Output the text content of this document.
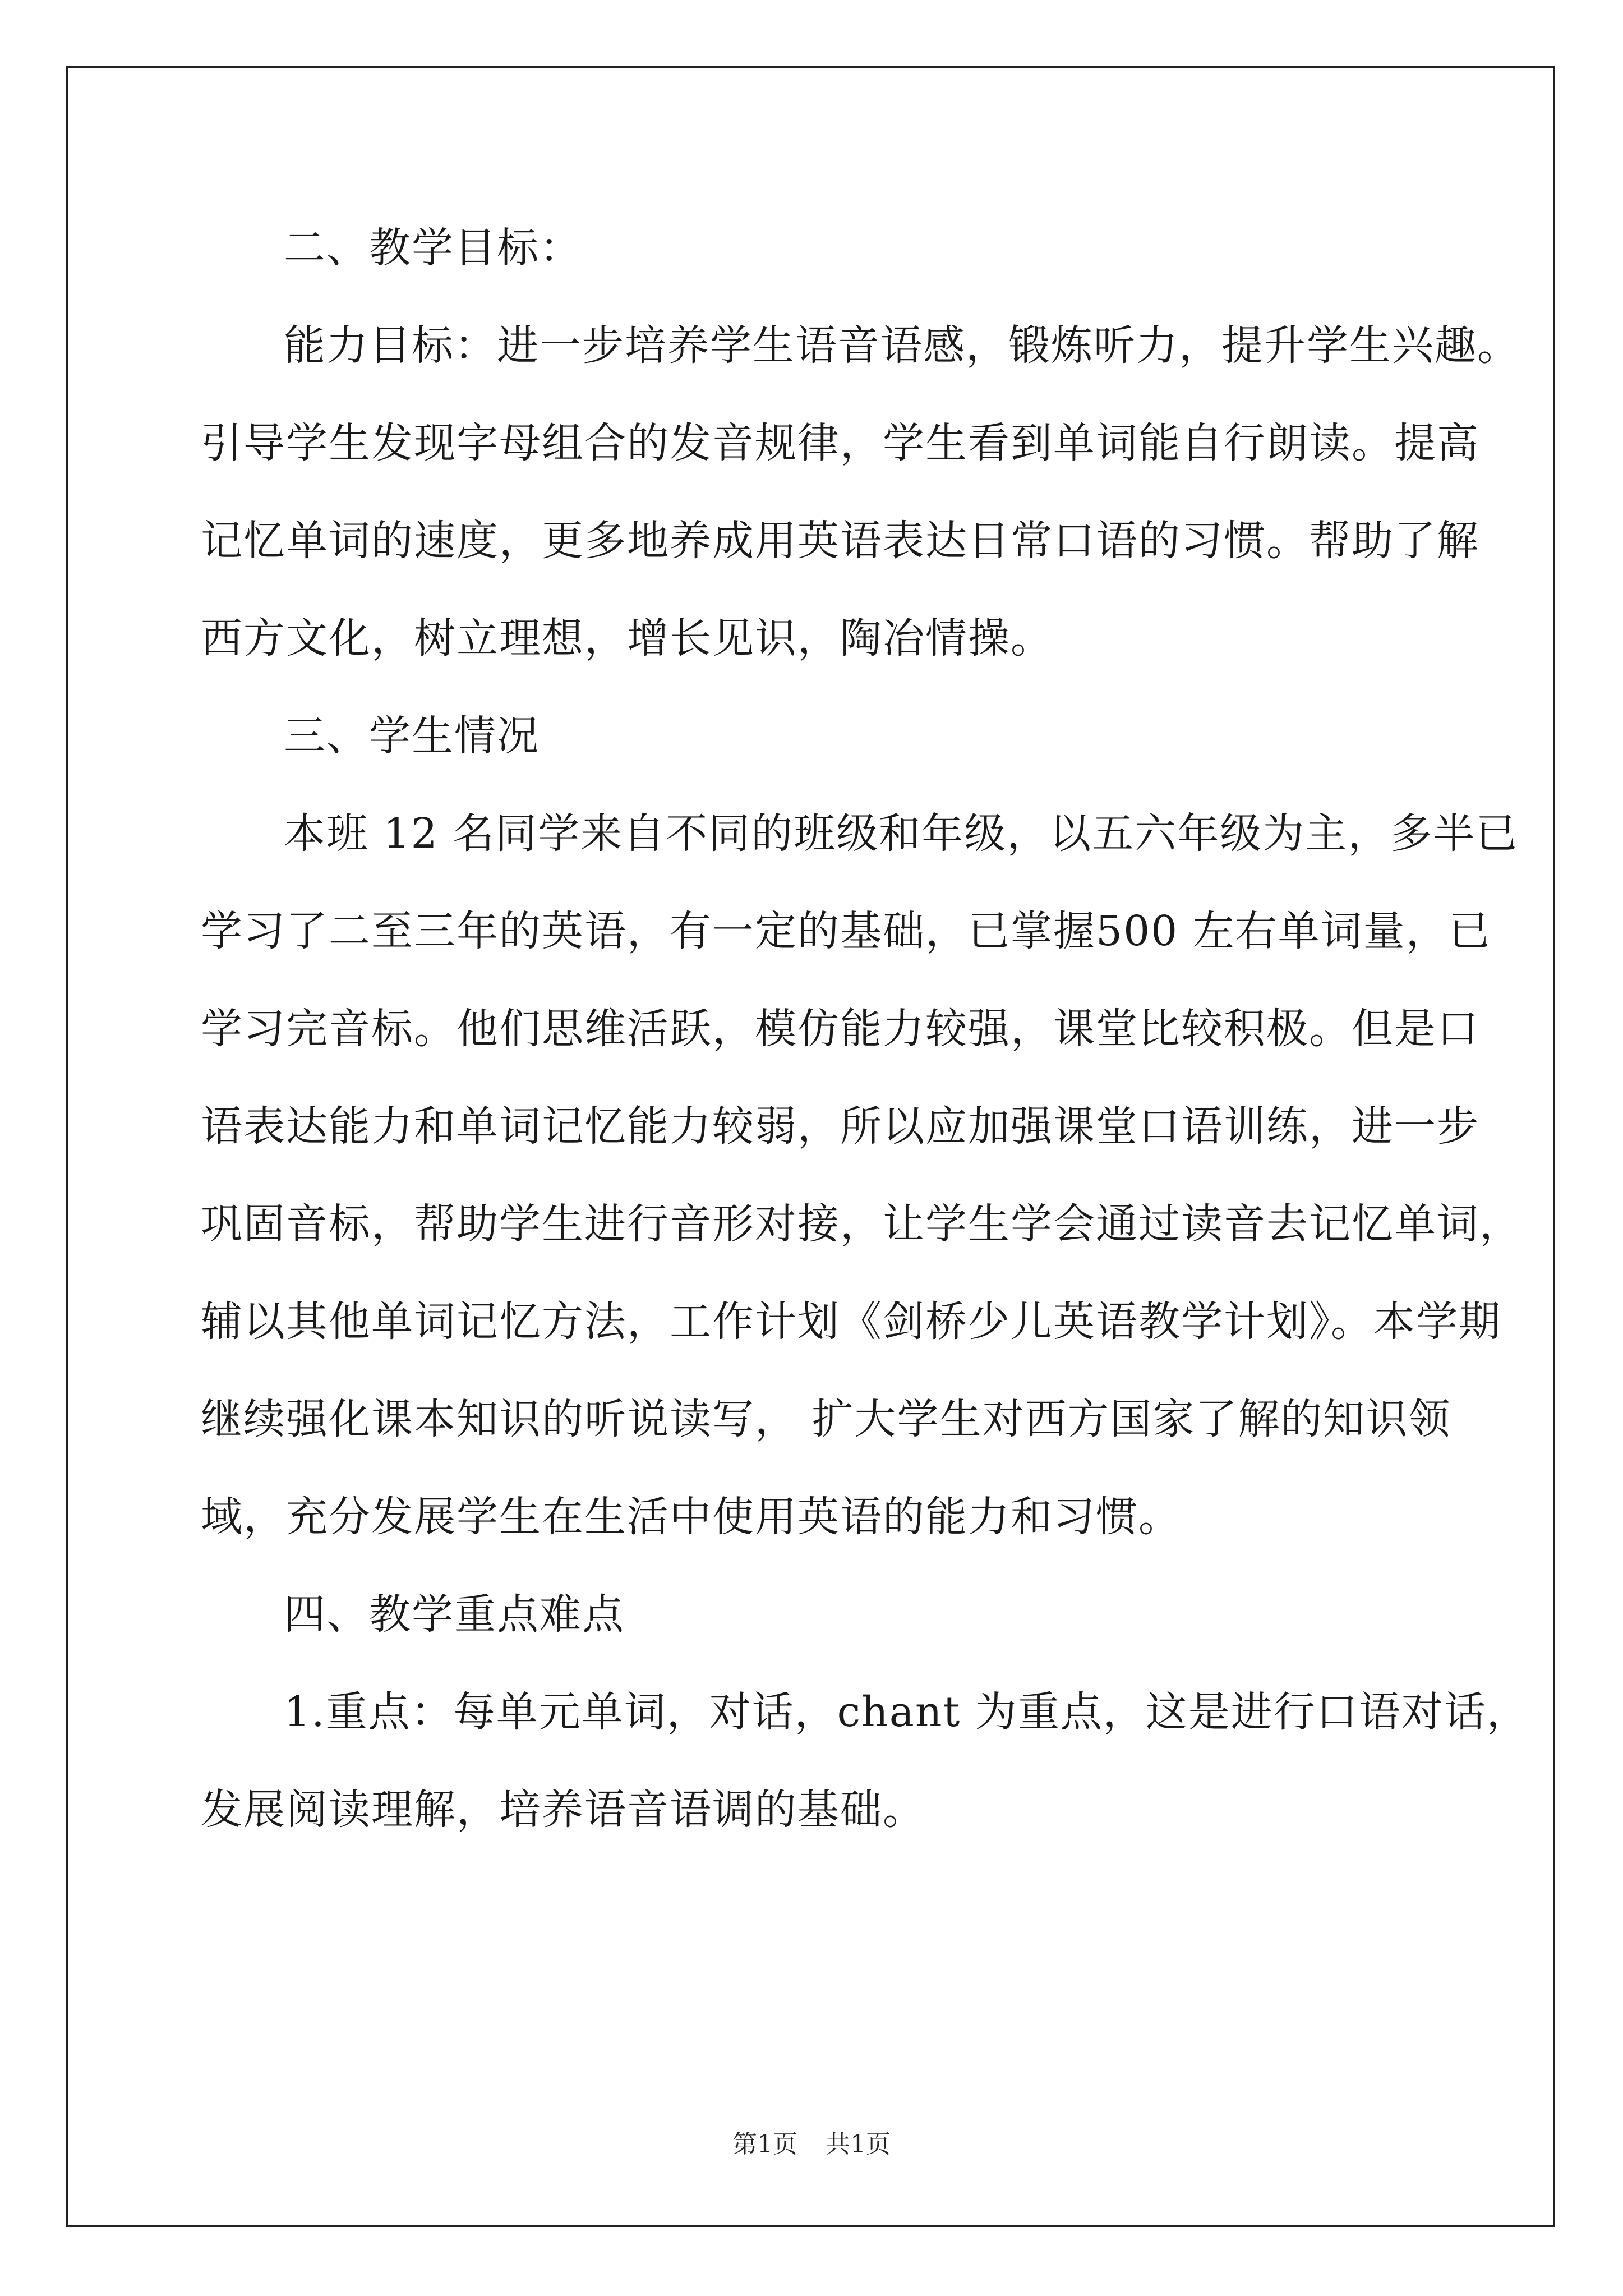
二、教学目标：
能力目标：进一步培养学生语音语感，锻炼听力，提升学生兴趣。
引导学生发现字母组合的发音规律，学生看到单词能自行朗读。提高
记忆单词的速度，更多地养成用英语表达日常口语的习惯。帮助了解
西方文化，树立理想，增长见识，陶冶情操。
三、学生情况
本班 12 名同学来自不同的班级和年级，以五六年级为主，多半已
学习了二至三年的英语，有一定的基础，已掌握500 左右单词量，已
学习完音标。他们思维活跃，模仿能力较强，课堂比较积极。但是口
语表达能力和单词记忆能力较弱，所以应加强课堂口语训练，进一步
巩固音标，帮助学生进行音形对接，让学生学会通过读音去记忆单词，
辅以其他单词记忆方法，工作计划《剑桥少儿英语教学计划》。本学期
继续强化课本知识的听说读写， 扩大学生对西方国家了解的知识领
域，充分发展学生在生活中使用英语的能力和习惯。
四、教学重点难点
1.重点：每单元单词，对话，chant 为重点，这是进行口语对话，
发展阅读理解，培养语音语调的基础。
第1页 共1页
